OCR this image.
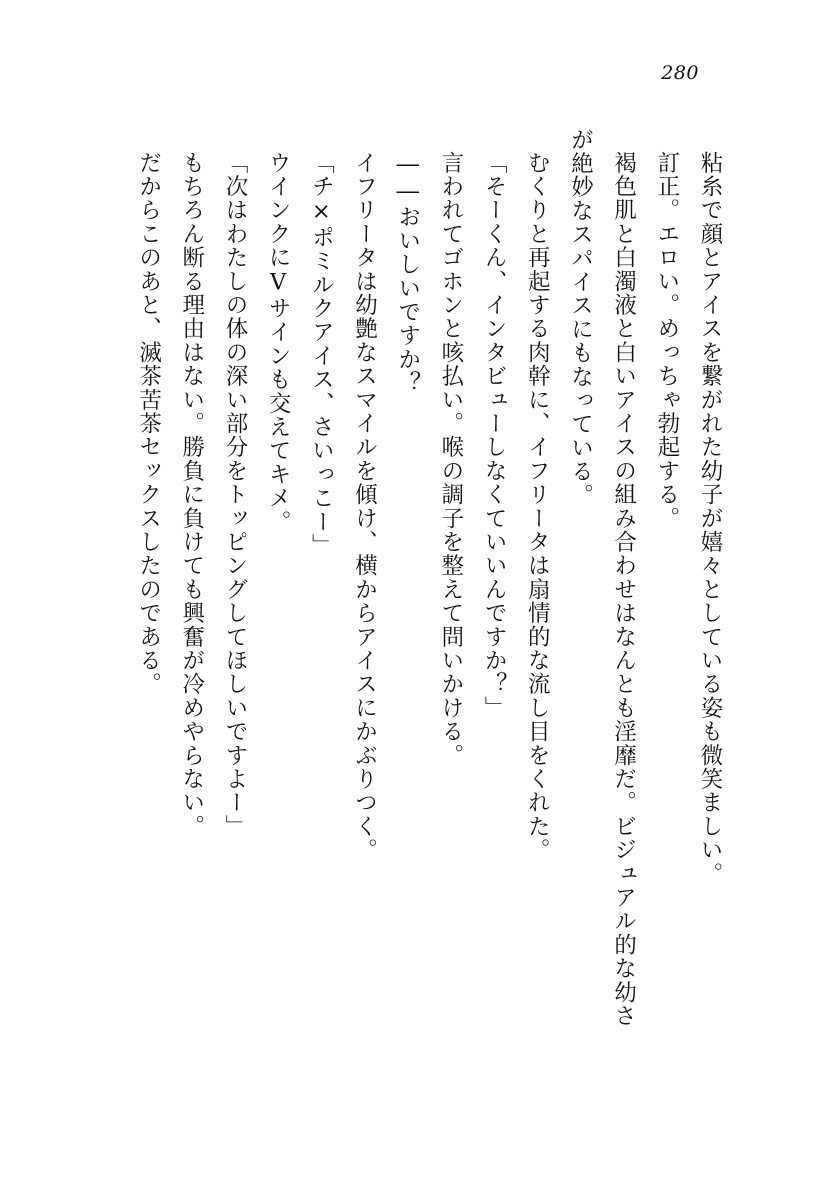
280

粘糸で顔とアイスを繋がれた幼子が嬉々としている姿も微笑ましい。

訂正。エロい。めっちゃ勃起する。

褐色肌と白濁液と白いアイスの組み合わせはなんとも淫靡だ。ビジュアル的な幼さ

が絶妙なスパイスにもなっている。

むくりと再起する肉幹に、イフリータは扇情的な流し目をくれた。

「そーくん、インタビューしなくていいんですか？」

言われてゴホンと咳払い。喉の調子を整えて問いかける。

――おいしいですか？

イフリータは幼艶なスマイルを傾け、横からアイスにかぶりつく。

「チ×ポミルクアイス、さいっこー」

ウインクにVサインも交えてキメ。

「次はわたしの体の深い部分をトッピングしてほしいですよー」

もちろん断る理由はない。勝負に負けても興奮が冷めやらない。

だからこのあと、滅茶苦茶セックスしたのである。
